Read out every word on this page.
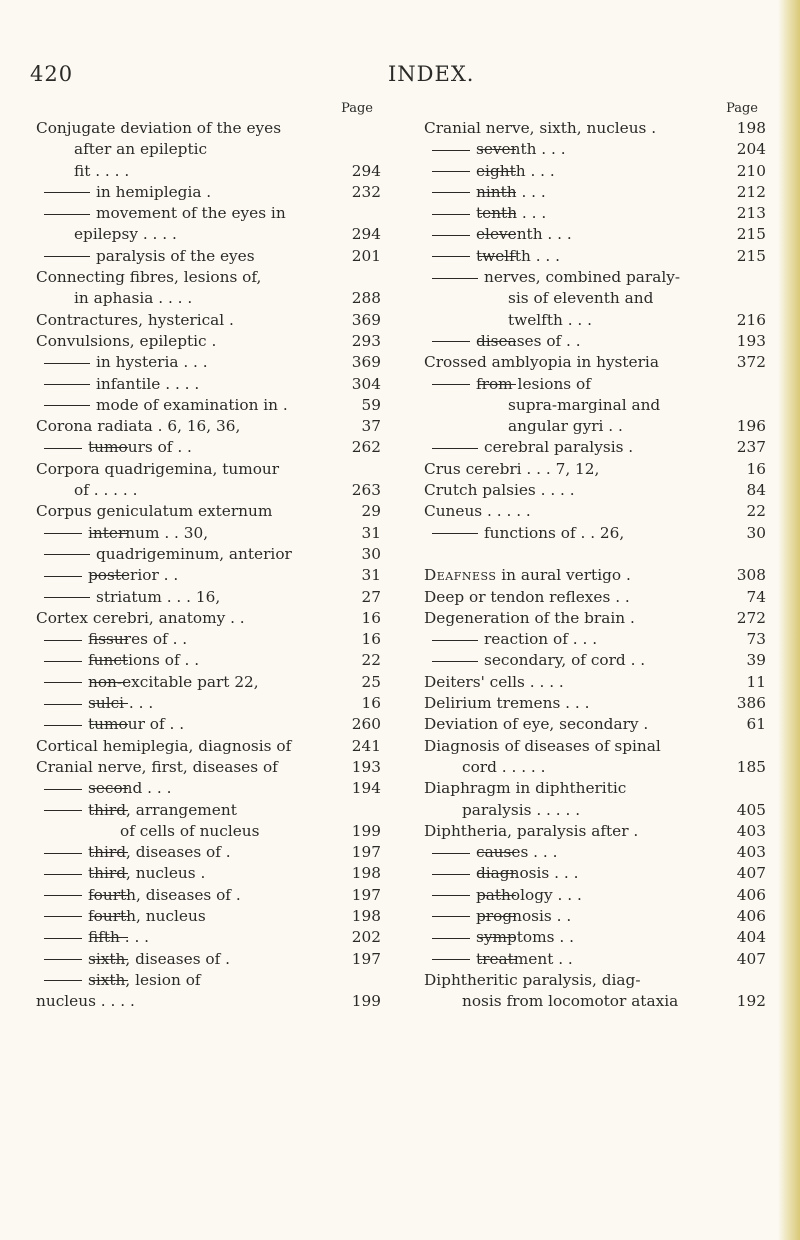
420	INDEX.
Page
Conjugate deviation of the eyes
after an epileptic
fit . . . .	294
in hemiplegia .	232
movement of the eyes in
epilepsy . . . .	294
paralysis of the eyes	201
Connecting fibres, lesions of,
in aphasia . . . .	288
Contractures, hysterical .	369
Convulsions, epileptic .	293
in hysteria . . .	369
infantile . . . .	304
mode of examination in .	59
Corona radiata . 6, 16, 36,	37
tumours of . .	262
Corpora quadrigemina, tumour
of . . . . .	263
Corpus geniculatum externum	29
internum . . 30,	31
quadrigeminum, anterior	30
posterior . .	31
striatum . . . 16,	27
Cortex cerebri, anatomy . .	16
fissures of . .	16
functions of . .	22
non-excitable part 22,	25
sulci . . .	16
tumour of . .	260
Cortical hemiplegia, diagnosis of	241
Cranial nerve, first, diseases of	193
second . . .	194
third, arrangement
of cells of nucleus	199
third, diseases of .	197
third, nucleus .	198
fourth, diseases of .	197
fourth, nucleus	198
fifth . . .	202
sixth, diseases of .	197
sixth, lesion of
nucleus . . . .	199
Page
Cranial nerve, sixth, nucleus .	198
seventh . . .	204
eighth . . .	210
ninth . . .	212
tenth . . .	213
eleventh . . .	215
twelfth . . .	215
nerves, combined paraly-
sis of eleventh and
twelfth . . .	216
diseases of . .	193
Crossed amblyopia in hysteria	372
from lesions of
supra-marginal and
angular gyri . .	196
cerebral paralysis .	237
Crus cerebri . . . 7, 12,	16
Crutch palsies . . . .	84
Cuneus . . . . .	22
functions of . . 26,	30
Deafness in aural vertigo .	308
Deep or tendon reflexes . .	74
Degeneration of the brain .	272
reaction of . . .	73
secondary, of cord . .	39
Deiters' cells . . . .	11
Delirium tremens . . .	386
Deviation of eye, secondary .	61
Diagnosis of diseases of spinal
cord . . . . .	185
Diaphragm in diphtheritic
paralysis . . . . .	405
Diphtheria, paralysis after .	403
causes . . .	403
diagnosis . . .	407
pathology . . .	406
prognosis . .	406
symptoms . .	404
treatment . .	407
Diphtheritic paralysis, diag-
nosis from locomotor ataxia	192
